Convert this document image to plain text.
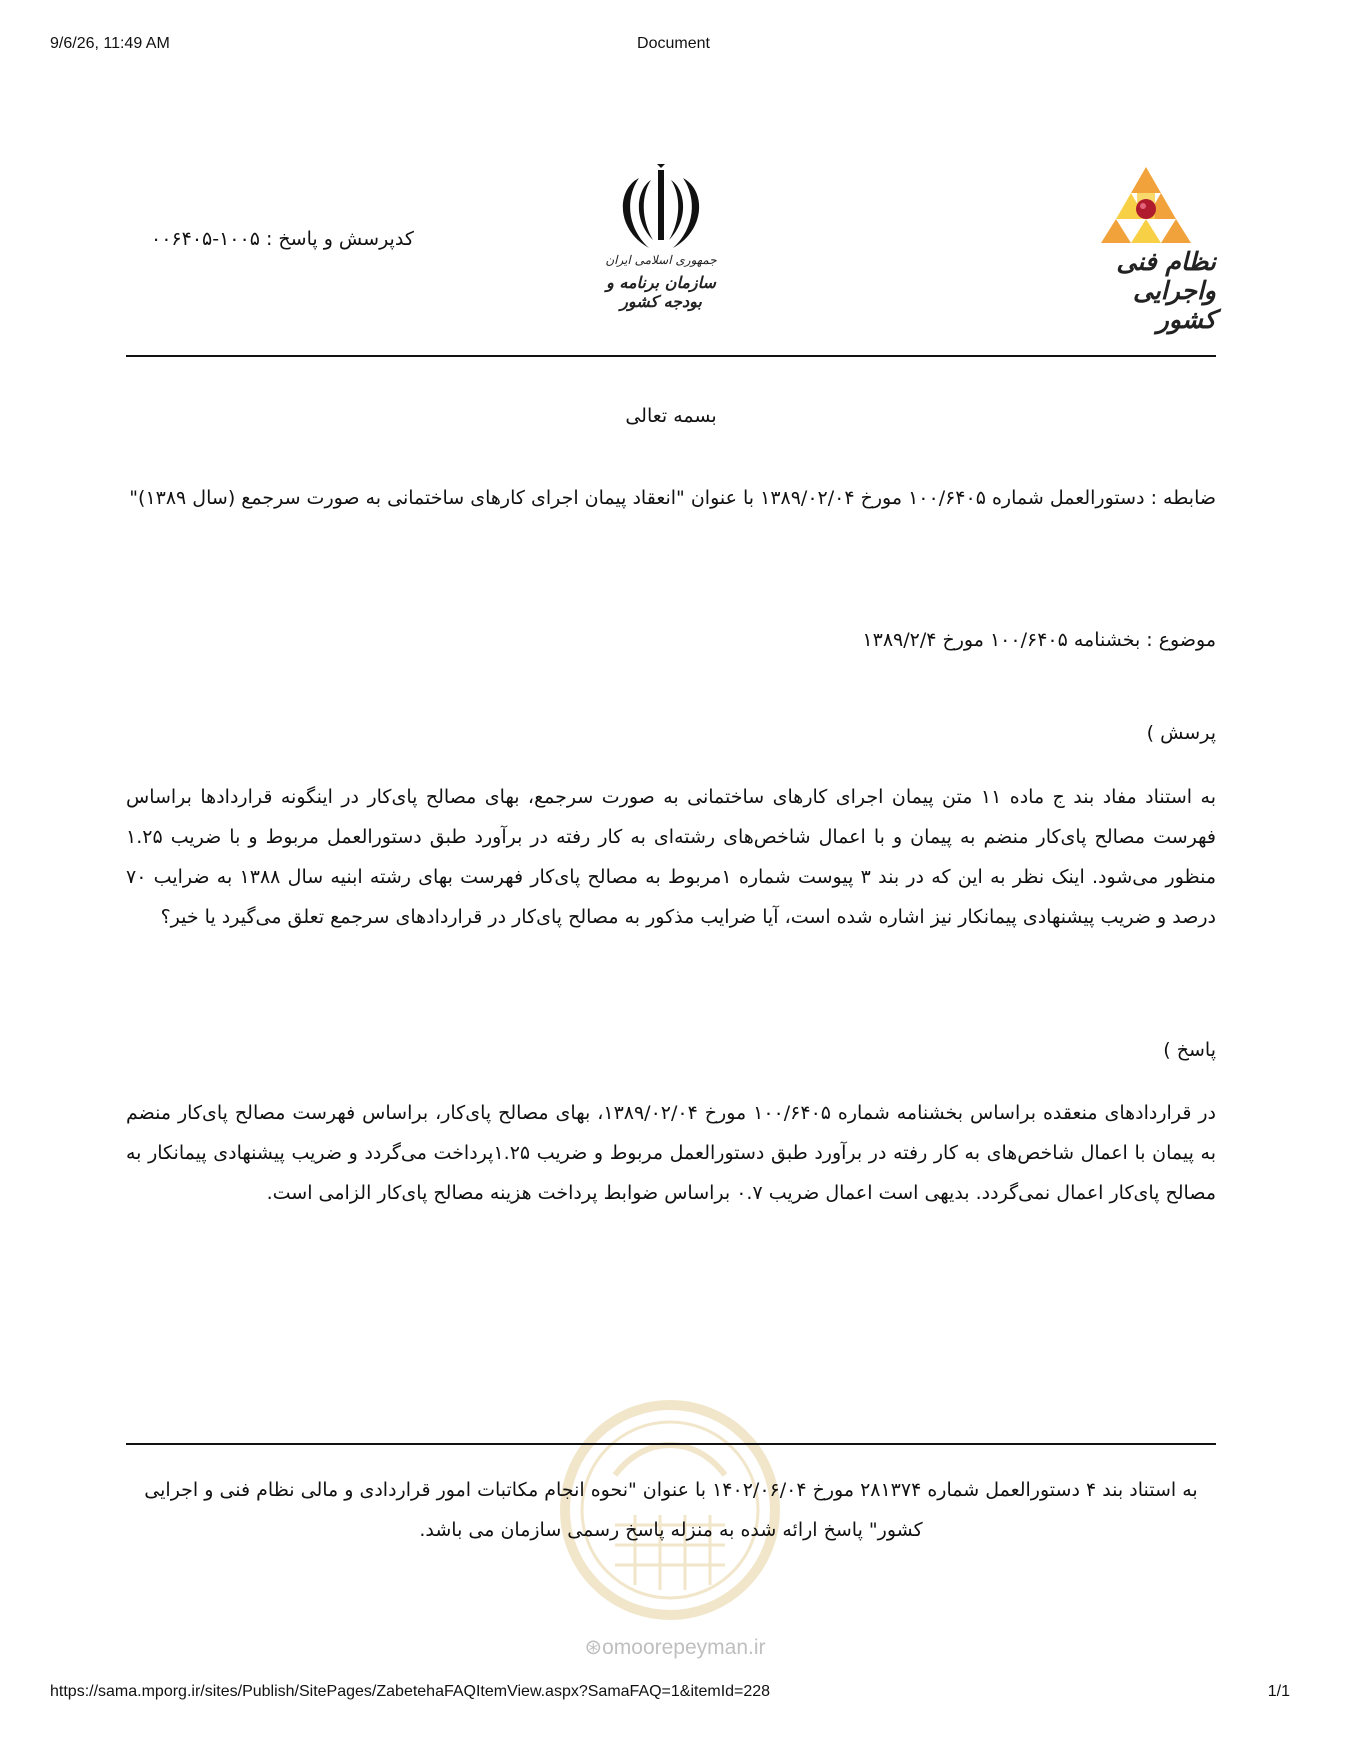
9/6/26, 11:49 AM	Document
نظام فنی واجرایی کشور
جمهوری اسلامی ایران
سازمان برنامه و بودجه کشور
کدپرسش و پاسخ : ۰۰۶۴۰۵-۱۰۰۵
بسمه تعالی
ضابطه : دستورالعمل شماره ۱۰۰/۶۴۰۵ مورخ ۱۳۸۹/۰۲/۰۴ با عنوان "انعقاد پیمان اجرای کارهای ساختمانی به صورت سرجمع (سال ۱۳۸۹)"
موضوع : بخشنامه ۱۰۰/۶۴۰۵ مورخ ۱۳۸۹/۲/۴
پرسش )
به استناد مفاد بند ج ماده ۱۱ متن پیمان اجرای کارهای ساختمانی به صورت سرجمع، بهای مصالح پای‌کار در اینگونه قراردادها براساس فهرست مصالح پای‌کار منضم به پیمان و با اعمال شاخص‌های رشته‌ای به کار رفته در برآورد طبق دستورالعمل مربوط و با ضریب ۱.۲۵ منظور می‌شود. اینک نظر به این که در بند ۳ پیوست شماره ۱مربوط به مصالح پای‌کار فهرست بهای رشته ابنیه سال ۱۳۸۸ به ضرایب ۷۰ درصد و ضریب پیشنهادی پیمانکار نیز اشاره شده است، آیا ضرایب مذکور به مصالح پای‌کار در قراردادهای سرجمع تعلق می‌گیرد یا خیر؟
پاسخ )
در قراردادهای منعقده براساس بخشنامه شماره ۱۰۰/۶۴۰۵ مورخ ۱۳۸۹/۰۲/۰۴، بهای مصالح پای‌کار، براساس فهرست مصالح پای‌کار منضم به پیمان با اعمال شاخص‌های به کار رفته در برآورد طبق دستورالعمل مربوط و ضریب ۱.۲۵پرداخت می‌گردد و ضریب پیشنهادی پیمانکار به مصالح پای‌کار اعمال نمی‌گردد. بدیهی است اعمال ضریب ۰.۷ براساس ضوابط پرداخت هزینه مصالح پای‌کار الزامی است.
⊛omoorepeyman.ir
به استناد بند ۴ دستورالعمل شماره ۲۸۱۳۷۴ مورخ ۱۴۰۲/۰۶/۰۴ با عنوان "نحوه انجام مکاتبات امور قراردادی و مالی نظام فنی و اجرایی کشور" پاسخ ارائه شده به منزله پاسخ رسمی سازمان می باشد.
https://sama.mporg.ir/sites/Publish/SitePages/ZabetehaFAQItemView.aspx?SamaFAQ=1&itemId=228	1/1
